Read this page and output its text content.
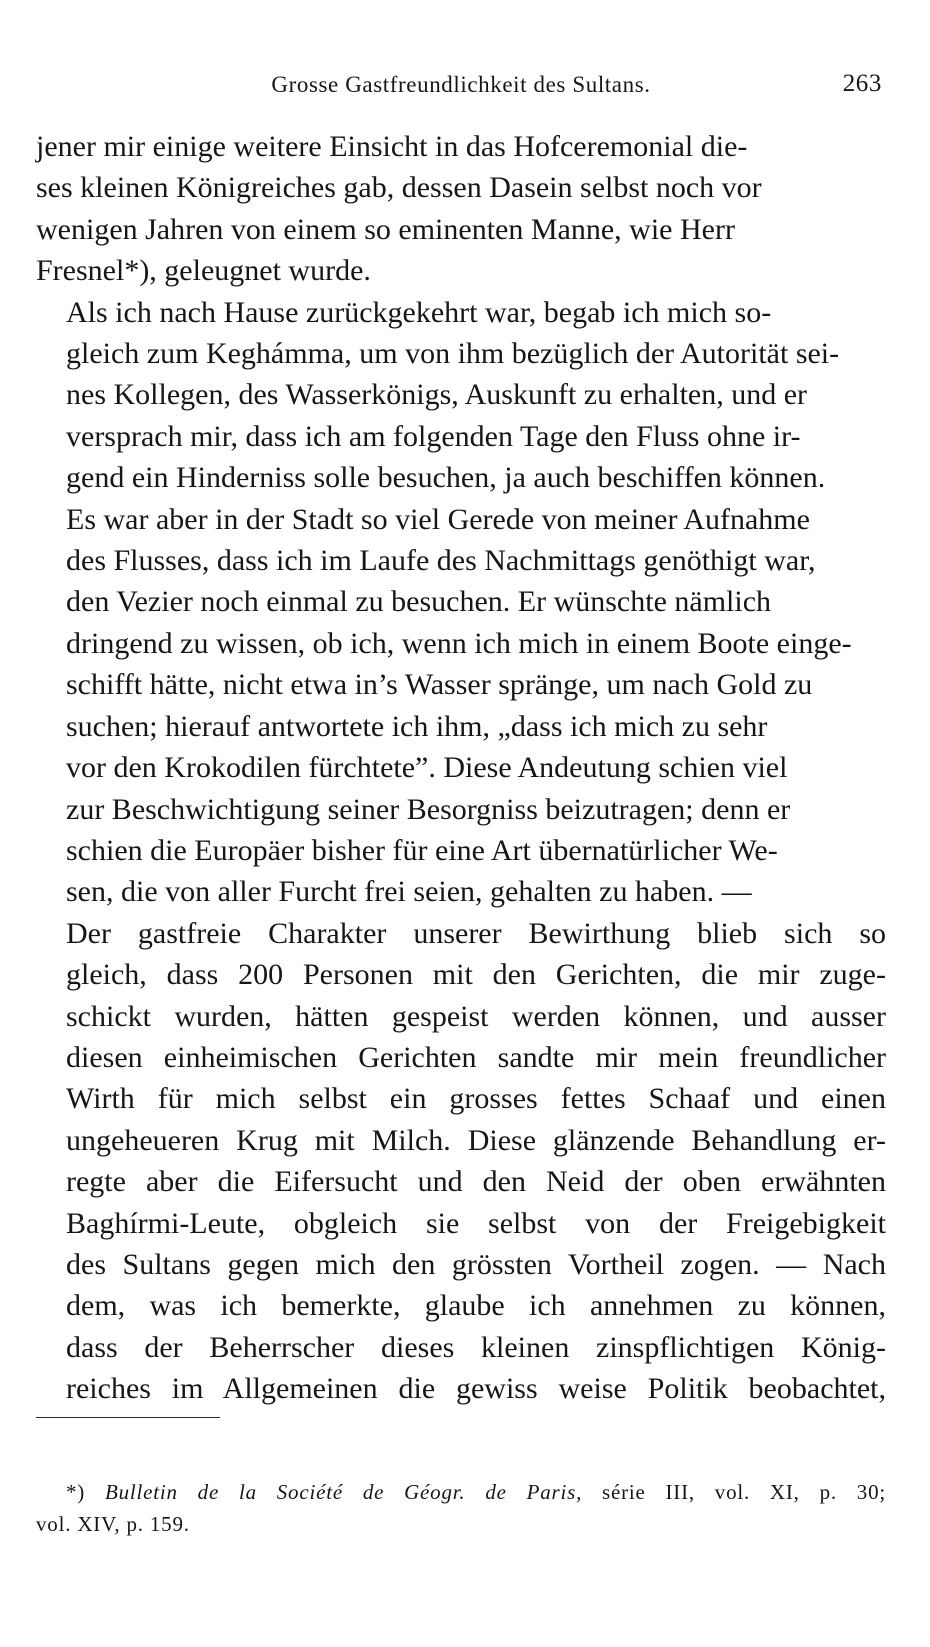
Grosse Gastfreundlichkeit des Sultans.	263

jener mir einige weitere Einsicht in das Hofceremonial die-
ses kleinen Königreiches gab, dessen Dasein selbst noch vor
wenigen Jahren von einem so eminenten Manne, wie Herr
Fresnel*), geleugnet wurde.

Als ich nach Hause zurückgekehrt war, begab ich mich so-
gleich zum Keghámma, um von ihm bezüglich der Autorität sei-
nes Kollegen, des Wasserkönigs, Auskunft zu erhalten, und er
versprach mir, dass ich am folgenden Tage den Fluss ohne ir-
gend ein Hinderniss solle besuchen, ja auch beschiffen können.
Es war aber in der Stadt so viel Gerede von meiner Aufnahme
des Flusses, dass ich im Laufe des Nachmittags genöthigt war,
den Vezier noch einmal zu besuchen. Er wünschte nämlich
dringend zu wissen, ob ich, wenn ich mich in einem Boote einge-
schifft hätte, nicht etwa in’s Wasser spränge, um nach Gold zu
suchen; hierauf antwortete ich ihm, „dass ich mich zu sehr
vor den Krokodilen fürchtete”. Diese Andeutung schien viel
zur Beschwichtigung seiner Besorgniss beizutragen; denn er
schien die Europäer bisher für eine Art übernatürlicher We-
sen, die von aller Furcht frei seien, gehalten zu haben. —

Der gastfreie Charakter unserer Bewirthung blieb sich so
gleich, dass 200 Personen mit den Gerichten, die mir zuge-
schickt wurden, hätten gespeist werden können, und ausser
diesen einheimischen Gerichten sandte mir mein freundlicher
Wirth für mich selbst ein grosses fettes Schaaf und einen
ungeheueren Krug mit Milch. Diese glänzende Behandlung er-
regte aber die Eifersucht und den Neid der oben erwähnten
Baghírmi-Leute, obgleich sie selbst von der Freigebigkeit
des Sultans gegen mich den grössten Vortheil zogen. — Nach
dem, was ich bemerkte, glaube ich annehmen zu können,
dass der Beherrscher dieses kleinen zinspflichtigen König-
reiches im Allgemeinen die gewiss weise Politik beobachtet,

*) Bulletin de la Société de Géogr. de Paris, série III, vol. XI, p. 30;
vol. XIV, p. 159.
